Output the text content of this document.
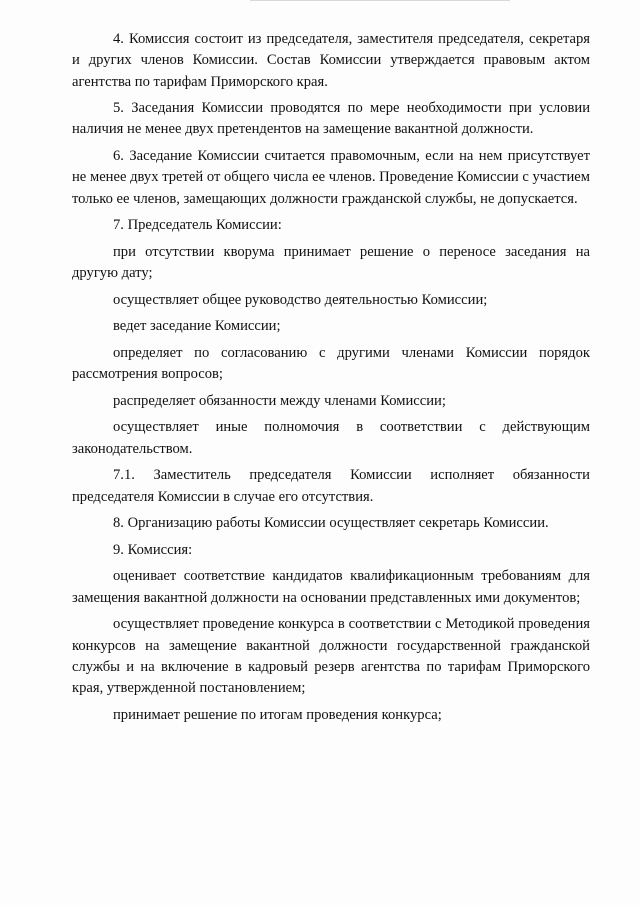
4. Комиссия состоит из председателя, заместителя председателя, секретаря и других членов Комиссии. Состав Комиссии утверждается правовым актом агентства по тарифам Приморского края.

5. Заседания Комиссии проводятся по мере необходимости при условии наличия не менее двух претендентов на замещение вакантной должности.

6. Заседание Комиссии считается правомочным, если на нем присутствует не менее двух третей от общего числа ее членов. Проведение Комиссии с участием только ее членов, замещающих должности гражданской службы, не допускается.

7. Председатель Комиссии:

при отсутствии кворума принимает решение о переносе заседания на другую дату;

осуществляет общее руководство деятельностью Комиссии;

ведет заседание Комиссии;

определяет по согласованию с другими членами Комиссии порядок рассмотрения вопросов;

распределяет обязанности между членами Комиссии;

осуществляет иные полномочия в соответствии с действующим законодательством.

7.1. Заместитель председателя Комиссии исполняет обязанности председателя Комиссии в случае его отсутствия.

8. Организацию работы Комиссии осуществляет секретарь Комиссии.

9. Комиссия:

оценивает соответствие кандидатов квалификационным требованиям для замещения вакантной должности на основании представленных ими документов;

осуществляет проведение конкурса в соответствии с Методикой проведения конкурсов на замещение вакантной должности государственной гражданской службы и на включение в кадровый резерв агентства по тарифам Приморского края, утвержденной постановлением;

принимает решение по итогам проведения конкурса;
